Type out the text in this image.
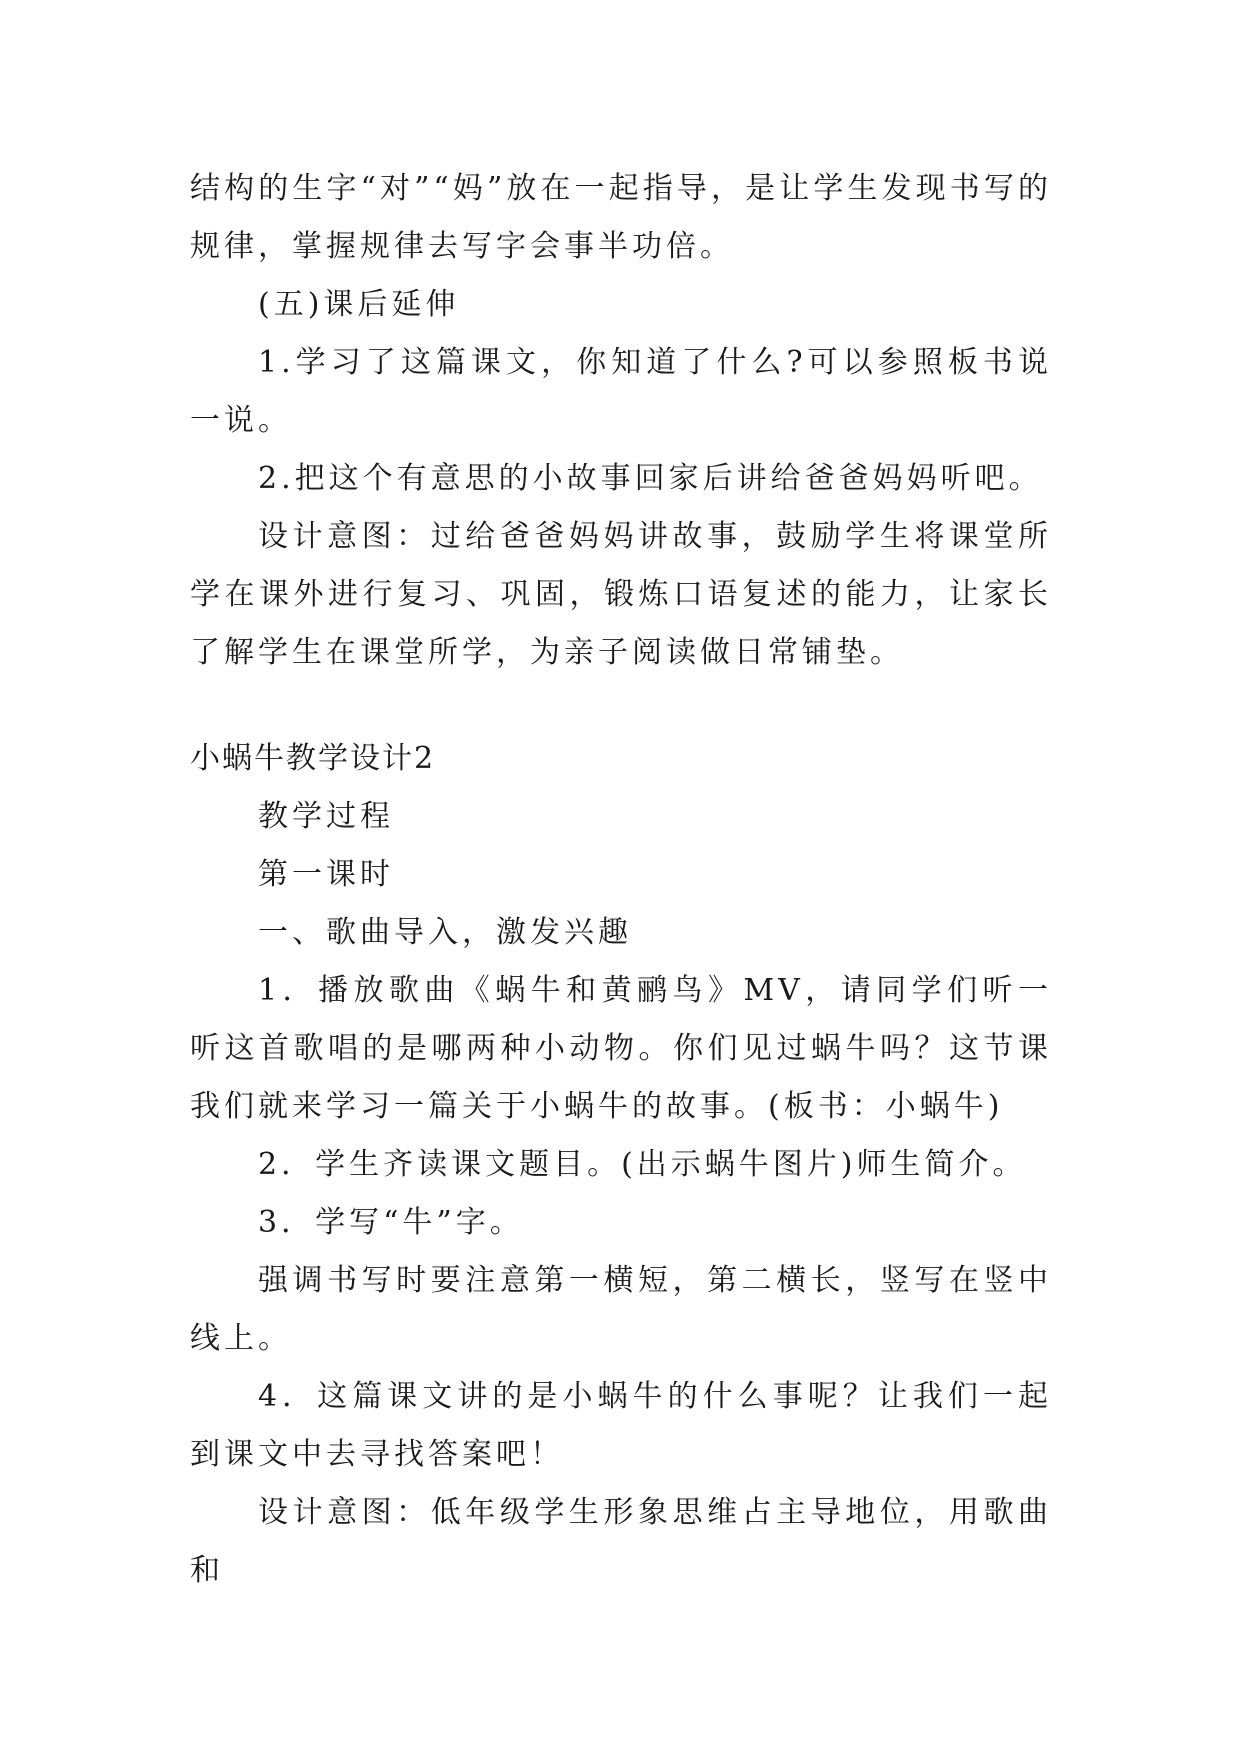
结构的生字“对”“妈”放在一起指导，是让学生发现书写的规律，掌握规律去写字会事半功倍。

(五)课后延伸

1.学习了这篇课文，你知道了什么?可以参照板书说一说。

2.把这个有意思的小故事回家后讲给爸爸妈妈听吧。

设计意图：过给爸爸妈妈讲故事，鼓励学生将课堂所学在课外进行复习、巩固，锻炼口语复述的能力，让家长了解学生在课堂所学，为亲子阅读做日常铺垫。

小蜗牛教学设计2

教学过程

第一课时

一、歌曲导入，激发兴趣

1．播放歌曲《蜗牛和黄鹂鸟》MV，请同学们听一听这首歌唱的是哪两种小动物。你们见过蜗牛吗？这节课我们就来学习一篇关于小蜗牛的故事。(板书：小蜗牛)

2．学生齐读课文题目。(出示蜗牛图片)师生简介。

3．学写“牛”字。

强调书写时要注意第一横短，第二横长，竖写在竖中线上。

4．这篇课文讲的是小蜗牛的什么事呢？让我们一起到课文中去寻找答案吧！

设计意图：低年级学生形象思维占主导地位，用歌曲和
